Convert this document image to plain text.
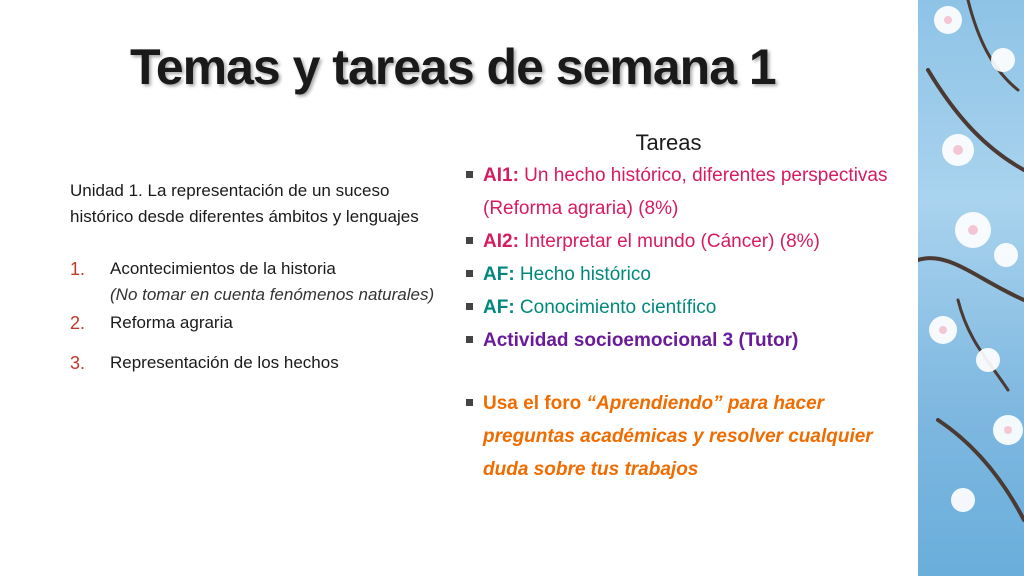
Temas y tareas de semana 1

Unidad 1. La representación de un suceso histórico desde diferentes ámbitos y lenguajes

1. Acontecimientos de la historia
(No tomar en cuenta fenómenos naturales)
2. Reforma agraria
3. Representación de los hechos
Tareas
AI1: Un hecho histórico, diferentes perspectivas (Reforma agraria) (8%)
AI2: Interpretar el mundo (Cáncer) (8%)
AF: Hecho histórico
AF: Conocimiento científico
Actividad socioemocional 3 (Tutor)
Usa el foro “Aprendiendo” para hacer preguntas académicas y resolver cualquier duda sobre tus trabajos
